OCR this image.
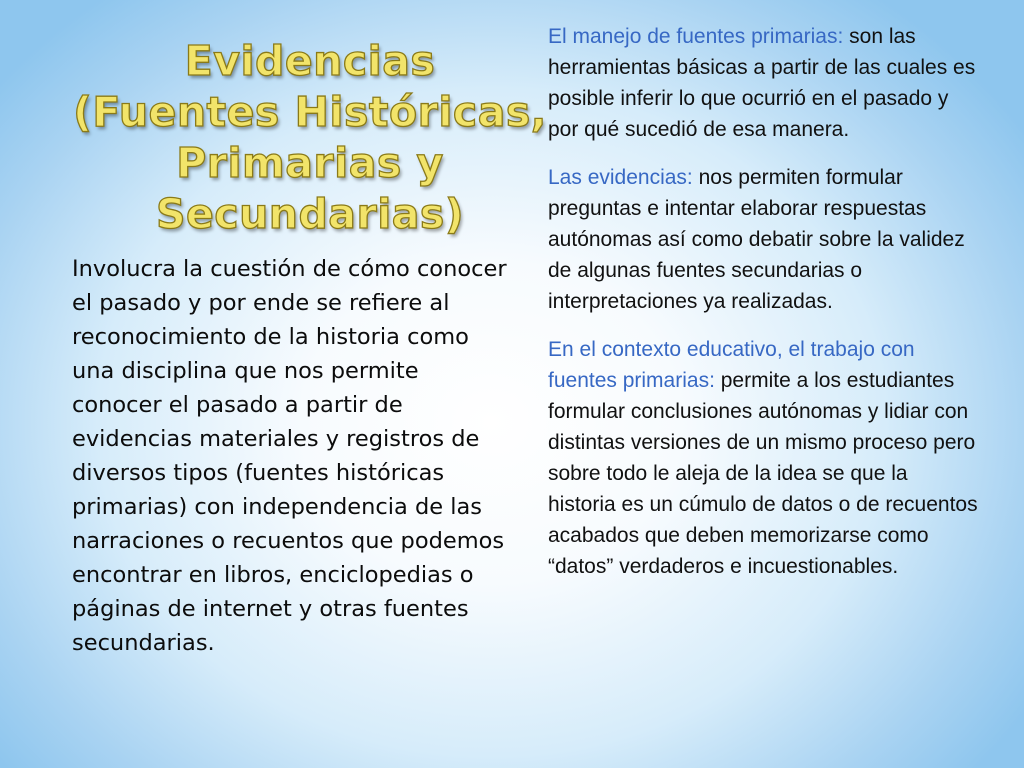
Evidencias
(Fuentes Históricas,
Primarias y
Secundarias)

Involucra la cuestión de cómo conocer el pasado y por ende se refiere al reconocimiento de la historia como una disciplina que nos permite conocer el pasado a partir de evidencias materiales y registros de diversos tipos (fuentes históricas primarias) con independencia de las narraciones o recuentos que podemos encontrar en libros, enciclopedias o páginas de internet y otras fuentes secundarias.

El manejo de fuentes primarias: son las herramientas básicas a partir de las cuales es posible inferir lo que ocurrió en el pasado y por qué sucedió de esa manera.

Las evidencias: nos permiten formular preguntas e intentar elaborar respuestas autónomas así como debatir sobre la validez de algunas fuentes secundarias o interpretaciones ya realizadas.

En el contexto educativo, el trabajo con fuentes primarias: permite a los estudiantes formular conclusiones autónomas y lidiar con distintas versiones de un mismo proceso pero sobre todo le aleja de la idea se que la historia es un cúmulo de datos o de recuentos acabados que deben memorizarse como “datos” verdaderos e incuestionables.
